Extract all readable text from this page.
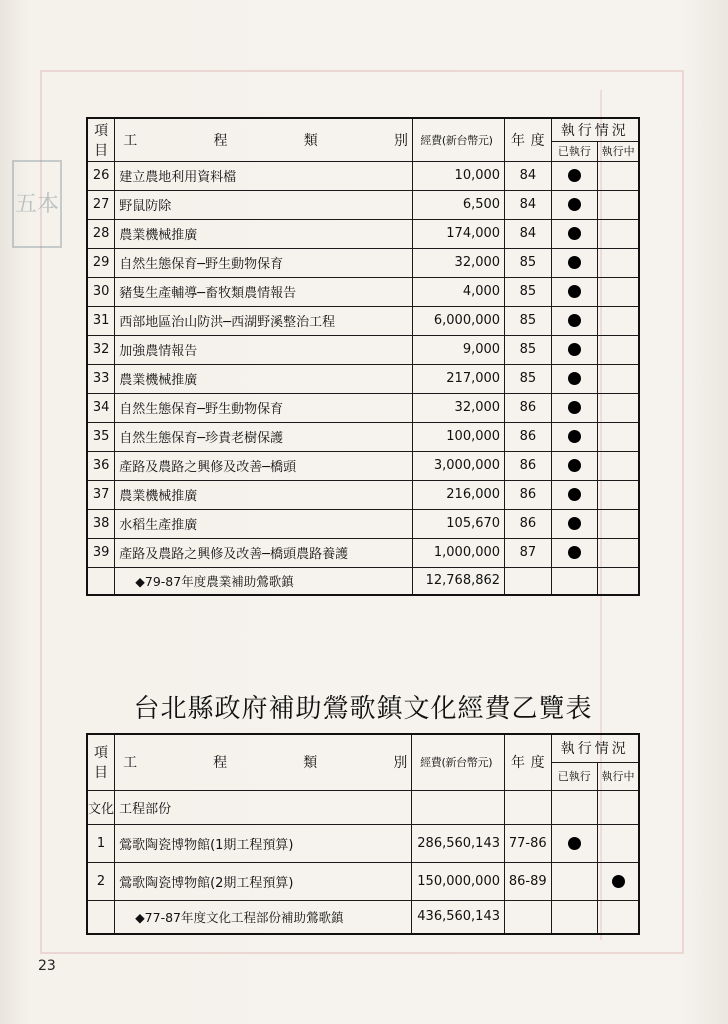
五本
項目	工 程 類 別	經費(新台幣元)	年 度	執行情況	
				已執行	執行中
26	建立農地利用資料檔	10,000	84		
27	野鼠防除	6,500	84		
28	農業機械推廣	174,000	84		
29	自然生態保育─野生動物保育	32,000	85		
30	豬隻生產輔導─畜牧類農情報告	4,000	85		
31	西部地區治山防洪─西湖野溪整治工程	6,000,000	85		
32	加強農情報告	9,000	85		
33	農業機械推廣	217,000	85		
34	自然生態保育─野生動物保育	32,000	86		
35	自然生態保育─珍貴老樹保護	100,000	86		
36	產路及農路之興修及改善─橋頭	3,000,000	86		
37	農業機械推廣	216,000	86		
38	水稻生產推廣	105,670	86		
39	產路及農路之興修及改善─橋頭農路養護	1,000,000	87		
	◆79-87年度農業補助鶯歌鎮	12,768,862			
台北縣政府補助鶯歌鎮文化經費乙覽表
項目	工 程 類 別	經費(新台幣元)	年 度	執行情況	
				已執行	執行中
文化	工程部份				
1	鶯歌陶瓷博物館(1期工程預算)	286,560,143	77-86		
2	鶯歌陶瓷博物館(2期工程預算)	150,000,000	86-89		
	◆77-87年度文化工程部份補助鶯歌鎮	436,560,143			
23
